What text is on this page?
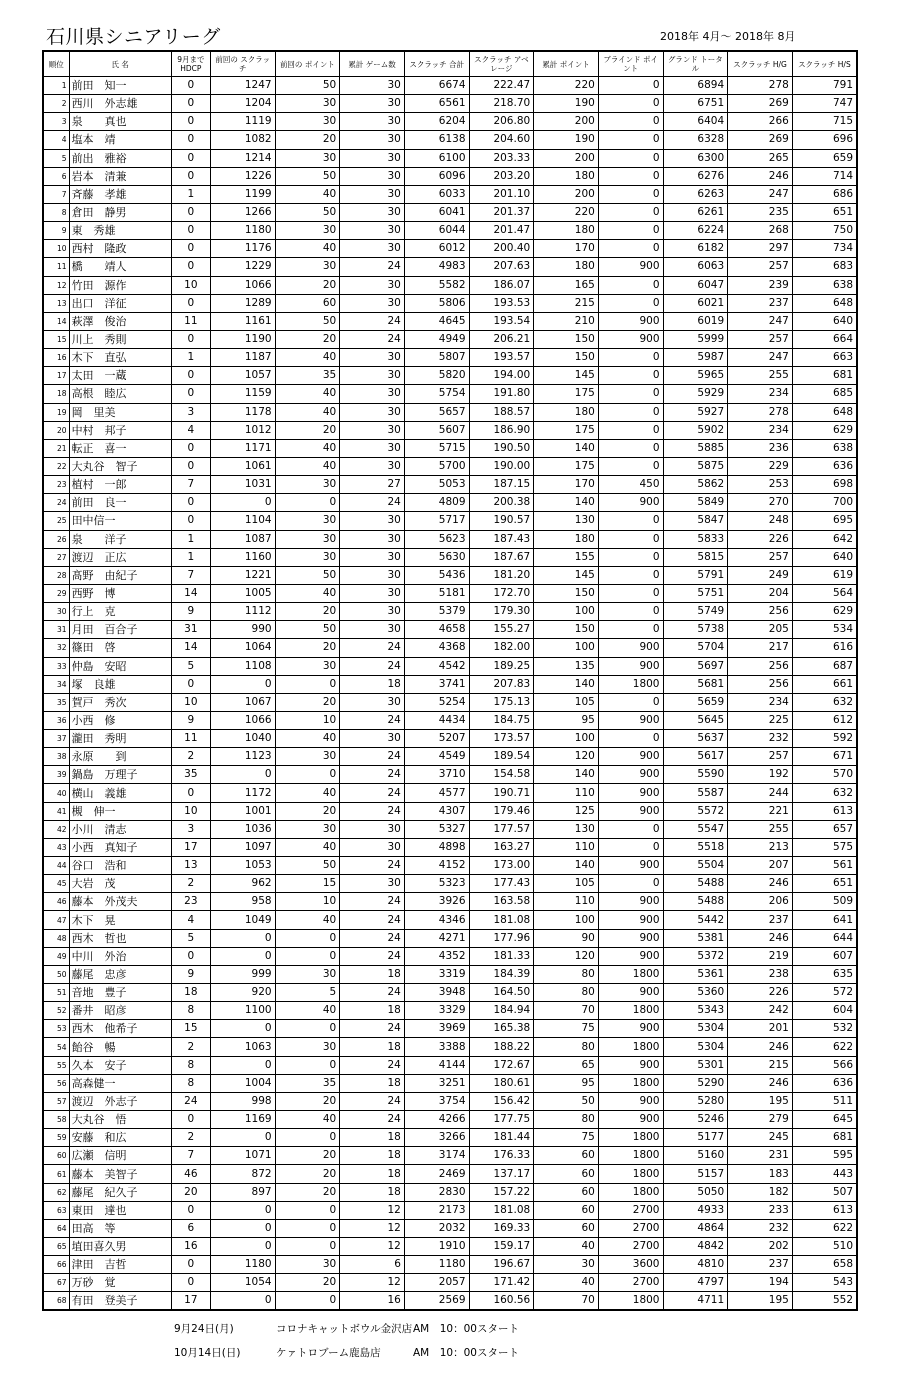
石川県シニアリーグ	2018年 4月～ 2018年 8月
順位	氏 名	9月まで HDCP	前回の スクラッチ	前回の ポイント	累計 ゲーム数	スクラッチ 合計	スクラッチ アベレージ	累計 ポイント	ブラインド ポイント	グランド トータル	スクラッチ H/G	スクラッチ H/S
1	前田　知一	0	1247	50	30	6674	222.47	220	0	6894	278	791
2	西川　外志雄	0	1204	30	30	6561	218.70	190	0	6751	269	747
3	泉　　真也	0	1119	30	30	6204	206.80	200	0	6404	266	715
4	塩本　靖	0	1082	20	30	6138	204.60	190	0	6328	269	696
5	前出　雅裕	0	1214	30	30	6100	203.33	200	0	6300	265	659
6	岩本　清兼	0	1226	50	30	6096	203.20	180	0	6276	246	714
7	斉藤　孝雄	1	1199	40	30	6033	201.10	200	0	6263	247	686
8	倉田　静男	0	1266	50	30	6041	201.37	220	0	6261	235	651
9	東　秀雄	0	1180	30	30	6044	201.47	180	0	6224	268	750
10	西村　隆政	0	1176	40	30	6012	200.40	170	0	6182	297	734
11	橋　　靖人	0	1229	30	24	4983	207.63	180	900	6063	257	683
12	竹田　源作	10	1066	20	30	5582	186.07	165	0	6047	239	638
13	出口　洋征	0	1289	60	30	5806	193.53	215	0	6021	237	648
14	萩澤　俊治	11	1161	50	24	4645	193.54	210	900	6019	247	640
15	川上　秀則	0	1190	20	24	4949	206.21	150	900	5999	257	664
16	木下　直弘	1	1187	40	30	5807	193.57	150	0	5987	247	663
17	太田　一蔵	0	1057	35	30	5820	194.00	145	0	5965	255	681
18	高根　睦広	0	1159	40	30	5754	191.80	175	0	5929	234	685
19	岡　里美	3	1178	40	30	5657	188.57	180	0	5927	278	648
20	中村　邦子	4	1012	20	30	5607	186.90	175	0	5902	234	629
21	転正　喜一	0	1171	40	30	5715	190.50	140	0	5885	236	638
22	大丸谷　智子	0	1061	40	30	5700	190.00	175	0	5875	229	636
23	植村　一郎	7	1031	30	27	5053	187.15	170	450	5862	253	698
24	前田　良一	0	0	0	24	4809	200.38	140	900	5849	270	700
25	田中信一	0	1104	30	30	5717	190.57	130	0	5847	248	695
26	泉　　洋子	1	1087	30	30	5623	187.43	180	0	5833	226	642
27	渡辺　正広	1	1160	30	30	5630	187.67	155	0	5815	257	640
28	髙野　由紀子	7	1221	50	30	5436	181.20	145	0	5791	249	619
29	西野　博	14	1005	40	30	5181	172.70	150	0	5751	204	564
30	行上　克	9	1112	20	30	5379	179.30	100	0	5749	256	629
31	月田　百合子	31	990	50	30	4658	155.27	150	0	5738	205	534
32	篠田　啓	14	1064	20	24	4368	182.00	100	900	5704	217	616
33	仲島　安昭	5	1108	30	24	4542	189.25	135	900	5697	256	687
34	塚　良雄	0	0	0	18	3741	207.83	140	1800	5681	256	661
35	賀戸　秀次	10	1067	20	30	5254	175.13	105	0	5659	234	632
36	小西　修	9	1066	10	24	4434	184.75	95	900	5645	225	612
37	瀧田　秀明	11	1040	40	30	5207	173.57	100	0	5637	232	592
38	永原　　到	2	1123	30	24	4549	189.54	120	900	5617	257	671
39	鍋島　万理子	35	0	0	24	3710	154.58	140	900	5590	192	570
40	横山　義雄	0	1172	40	24	4577	190.71	110	900	5587	244	632
41	槻　伸一	10	1001	20	24	4307	179.46	125	900	5572	221	613
42	小川　清志	3	1036	30	30	5327	177.57	130	0	5547	255	657
43	小西　真知子	17	1097	40	30	4898	163.27	110	0	5518	213	575
44	谷口　浩和	13	1053	50	24	4152	173.00	140	900	5504	207	561
45	大岩　茂	2	962	15	30	5323	177.43	105	0	5488	246	651
46	藤本　外茂夫	23	958	10	24	3926	163.58	110	900	5488	206	509
47	木下　晃	4	1049	40	24	4346	181.08	100	900	5442	237	641
48	西木　哲也	5	0	0	24	4271	177.96	90	900	5381	246	644
49	中川　外治	0	0	0	24	4352	181.33	120	900	5372	219	607
50	藤尾　忠彦	9	999	30	18	3319	184.39	80	1800	5361	238	635
51	音地　豊子	18	920	5	24	3948	164.50	80	900	5360	226	572
52	番井　昭彦	8	1100	40	18	3329	184.94	70	1800	5343	242	604
53	西木　他希子	15	0	0	24	3969	165.38	75	900	5304	201	532
54	飴谷　暢	2	1063	30	18	3388	188.22	80	1800	5304	246	622
55	久本　安子	8	0	0	24	4144	172.67	65	900	5301	215	566
56	高森健一	8	1004	35	18	3251	180.61	95	1800	5290	246	636
57	渡辺　外志子	24	998	20	24	3754	156.42	50	900	5280	195	511
58	大丸谷　悟	0	1169	40	24	4266	177.75	80	900	5246	279	645
59	安藤　和広	2	0	0	18	3266	181.44	75	1800	5177	245	681
60	広瀬　信明	7	1071	20	18	3174	176.33	60	1800	5160	231	595
61	藤本　美智子	46	872	20	18	2469	137.17	60	1800	5157	183	443
62	藤尾　紀久子	20	897	20	18	2830	157.22	60	1800	5050	182	507
63	東田　達也	0	0	0	12	2173	181.08	60	2700	4933	233	613
64	田高　等	6	0	0	12	2032	169.33	60	2700	4864	232	622
65	埴田喜久男	16	0	0	12	1910	159.17	40	2700	4842	202	510
66	津田　吉哲	0	1180	30	6	1180	196.67	30	3600	4810	237	658
67	万砂　覚	0	1054	20	12	2057	171.42	40	2700	4797	194	543
68	有田　登美子	17	0	0	16	2569	160.56	70	1800	4711	195	552
9月24日(月)	コロナキャットボウル金沢店AM　10：00スタート
10月14日(日)	ケァトロブーム鹿島店	AM　10：00スタート
